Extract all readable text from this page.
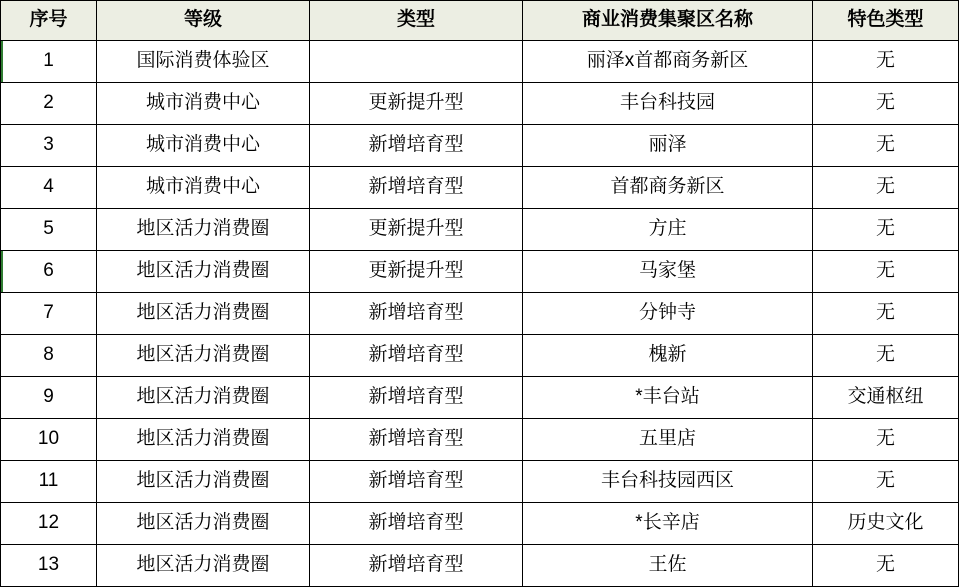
序号	等级	类型	商业消费集聚区名称	特色类型
1	国际消费体验区		丽泽x首都商务新区	无
2	城市消费中心	更新提升型	丰台科技园	无
3	城市消费中心	新增培育型	丽泽	无
4	城市消费中心	新增培育型	首都商务新区	无
5	地区活力消费圈	更新提升型	方庄	无
6	地区活力消费圈	更新提升型	马家堡	无
7	地区活力消费圈	新增培育型	分钟寺	无
8	地区活力消费圈	新增培育型	槐新	无
9	地区活力消费圈	新增培育型	*丰台站	交通枢纽
10	地区活力消费圈	新增培育型	五里店	无
11	地区活力消费圈	新增培育型	丰台科技园西区	无
12	地区活力消费圈	新增培育型	*长辛店	历史文化
13	地区活力消费圈	新增培育型	王佐	无
